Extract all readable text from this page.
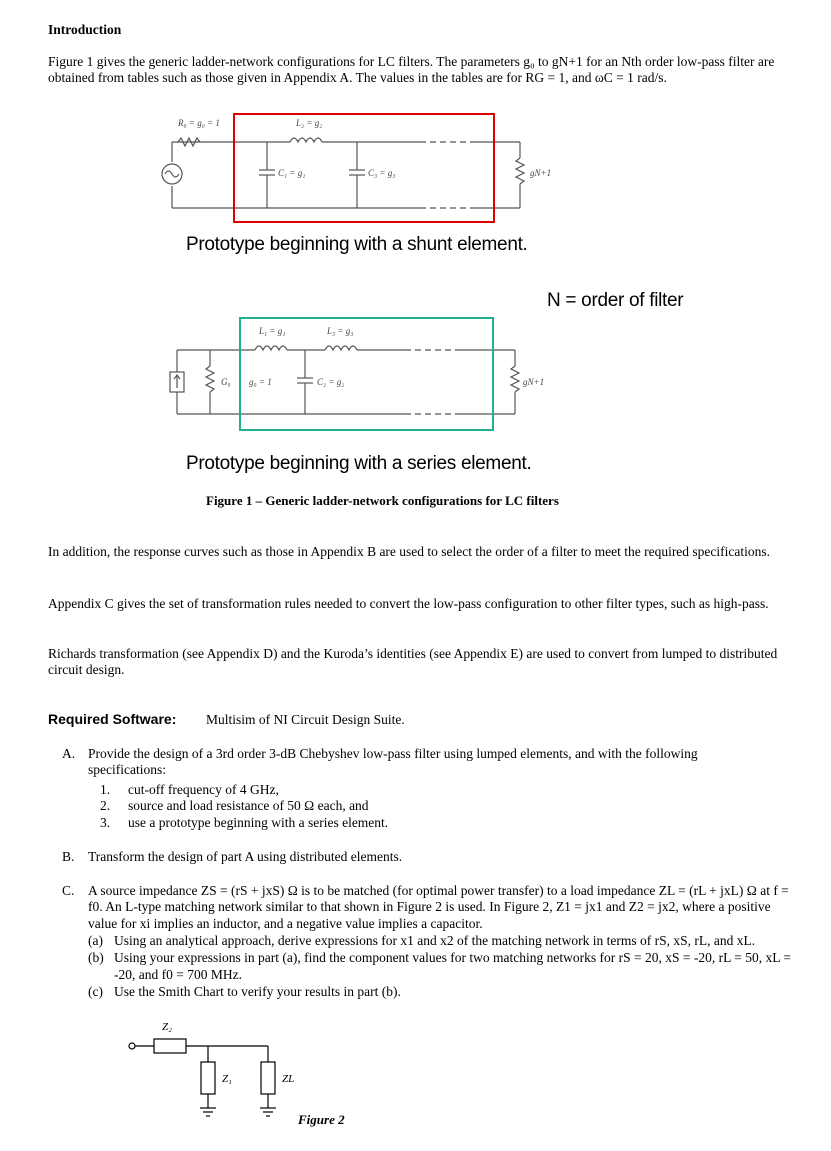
Introduction
Figure 1 gives the generic ladder-network configurations for LC filters. The parameters g₀ to gN+1 for an Nth order low-pass filter are obtained from tables such as those given in Appendix A. The values in the tables are for RG = 1, and ωC = 1 rad/s.
R₀ = g₀ = 1	L₂ = g₂
C₁ = g₁	C₃ = g₃	gN+1
Prototype beginning with a shunt element.
N = order of filter
L₁ = g₁	L₃ = g₃
G₀ g₀ = 1	C₂ = g₂	gN+1
Prototype beginning with a series element.
Figure 1 – Generic ladder-network configurations for LC filters
In addition, the response curves such as those in Appendix B are used to select the order of a filter to meet the required specifications.
Appendix C gives the set of transformation rules needed to convert the low-pass configuration to other filter types, such as high-pass.
Richards transformation (see Appendix D) and the Kuroda’s identities (see Appendix E) are used to convert from lumped to distributed circuit design.
Required Software: Multisim of NI Circuit Design Suite.
A. Provide the design of a 3rd order 3-dB Chebyshev low-pass filter using lumped elements, and with the following specifications:
1. cut-off frequency of 4 GHz,
2. source and load resistance of 50 Ω each, and
3. use a prototype beginning with a series element.
B. Transform the design of part A using distributed elements.
C. A source impedance ZS = (rS + jxS) Ω is to be matched (for optimal power transfer) to a load impedance ZL = (rL + jxL) Ω at f = f0. An L-type matching network similar to that shown in Figure 2 is used. In Figure 2, Z1 = jx1 and Z2 = jx2, where a positive value for xi implies an inductor, and a negative value implies a capacitor.
(a) Using an analytical approach, derive expressions for x1 and x2 of the matching network in terms of rS, xS, rL, and xL.
(b) Using your expressions in part (a), find the component values for two matching networks for rS = 20, xS = -20, rL = 50, xL = -20, and f0 = 700 MHz.
(c) Use the Smith Chart to verify your results in part (b).
Z₂
Z₁	ZL
Figure 2
